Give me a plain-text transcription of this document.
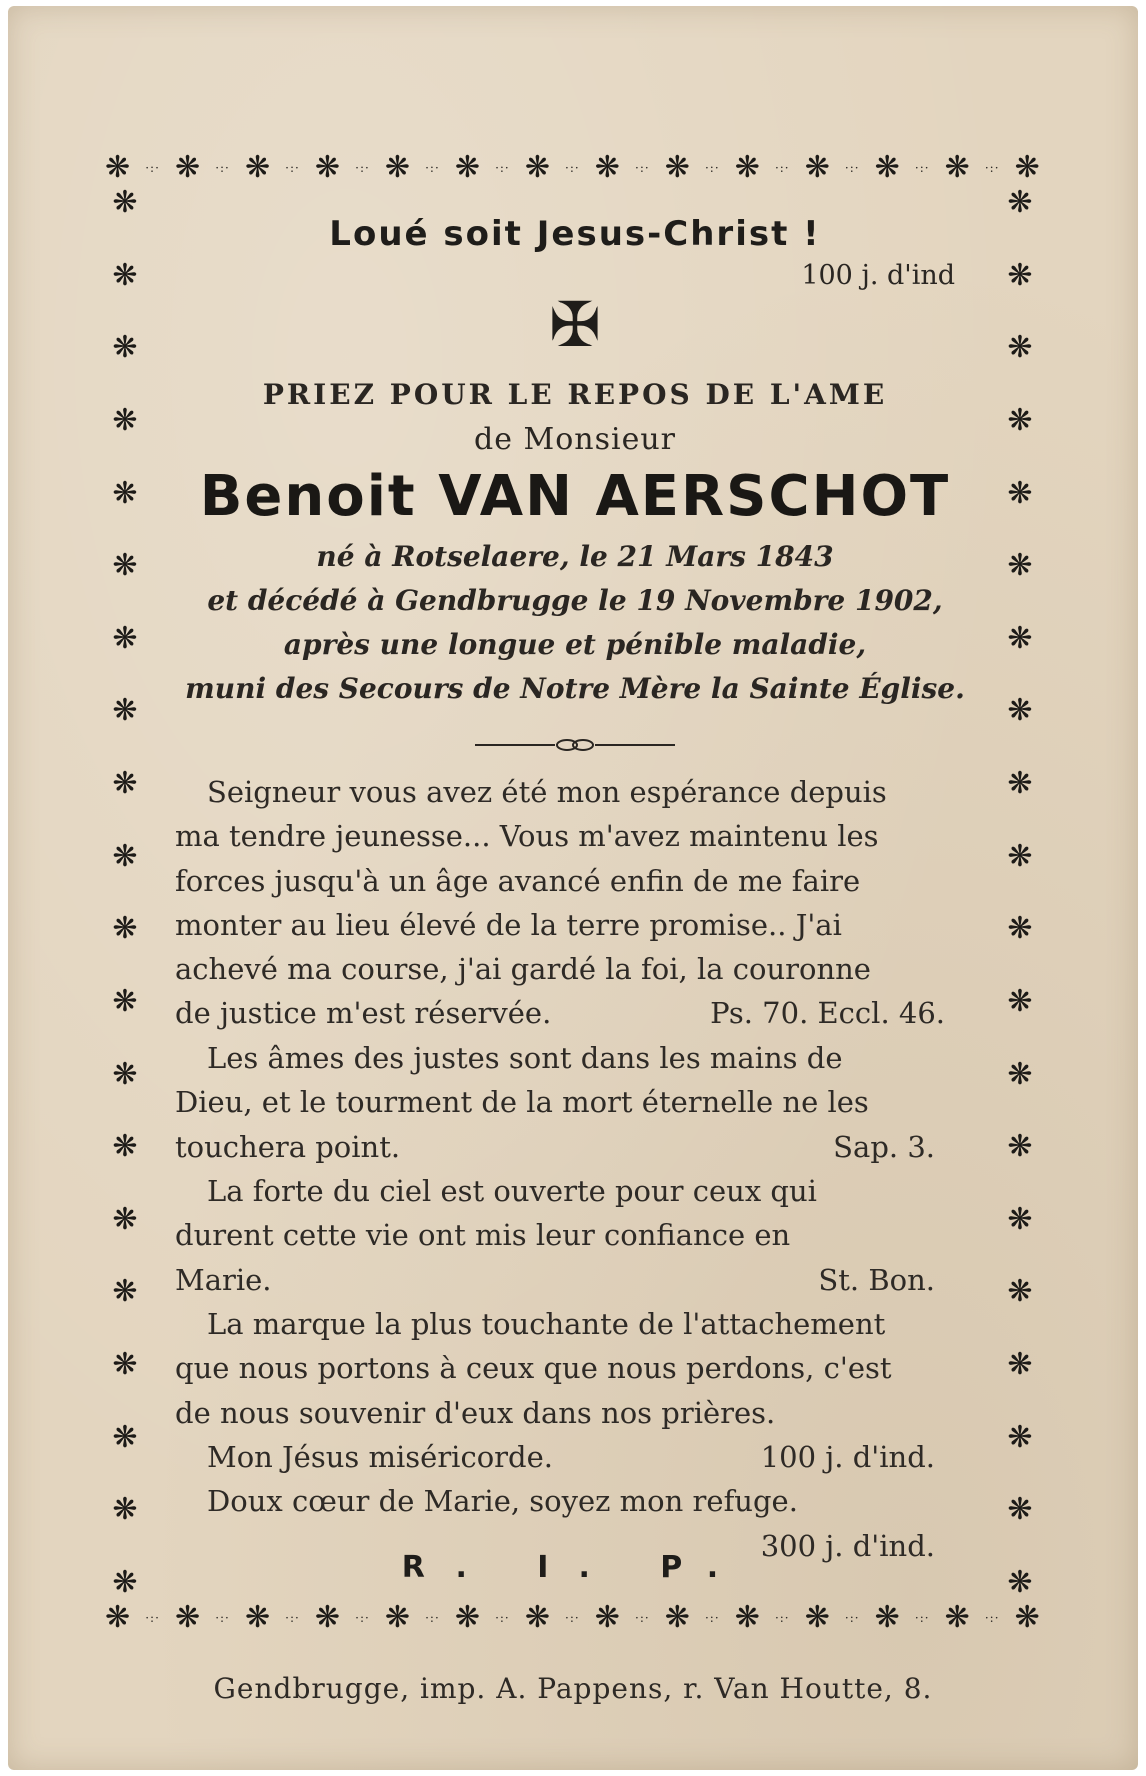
❋ ·:· ❋ ·:· ❋ ·:· ❋ ·:· ❋ ·:· ❋ ·:· ❋ ·:· ❋ ·:· ❋ ·:· ❋ ·:· ❋ ·:· ❋ ·:· ❋ ·:· ❋
❋
❋
❋
❋
❋
❋
❋
❋
❋
❋
❋
❋
❋
❋
❋
❋
❋
❋
❋
❋
❋
❋
❋
❋
❋
❋
❋
❋
❋
❋
❋
❋
❋
❋
❋
❋
❋
❋
❋
❋
❋ ·:· ❋ ·:· ❋ ·:· ❋ ·:· ❋ ·:· ❋ ·:· ❋ ·:· ❋ ·:· ❋ ·:· ❋ ·:· ❋ ·:· ❋ ·:· ❋ ·:· ❋
Loué soit Jesus-Christ !
100 j. d'ind
✠
PRIEZ POUR LE REPOS DE L'AME
de Monsieur
Benoit VAN AERSCHOT
né à Rotselaere, le 21 Mars 1843
et décédé à Gendbrugge le 19 Novembre 1902,
après une longue et pénible maladie,
muni des Secours de Notre Mère la Sainte Église.
Seigneur vous avez été mon espérance depuis
ma tendre jeunesse... Vous m'avez maintenu les
forces jusqu'à un âge avancé enfin de me faire
monter au lieu élevé de la terre promise.. J'ai
achevé ma course, j'ai gardé la foi, la couronne
de justice m'est réservée.	Ps. 70. Eccl. 46.
Les âmes des justes sont dans les mains de
Dieu, et le tourment de la mort éternelle ne les
touchera point.	Sap. 3.
La forte du ciel est ouverte pour ceux qui
durent cette vie ont mis leur confiance en
Marie.	St. Bon.
La marque la plus touchante de l'attachement
que nous portons à ceux que nous perdons, c'est
de nous souvenir d'eux dans nos prières.
Mon Jésus miséricorde.	100 j. d'ind.
Doux cœur de Marie, soyez mon refuge.
300 j. d'ind.
R. I. P.
Gendbrugge, imp. A. Pappens, r. Van Houtte, 8.
